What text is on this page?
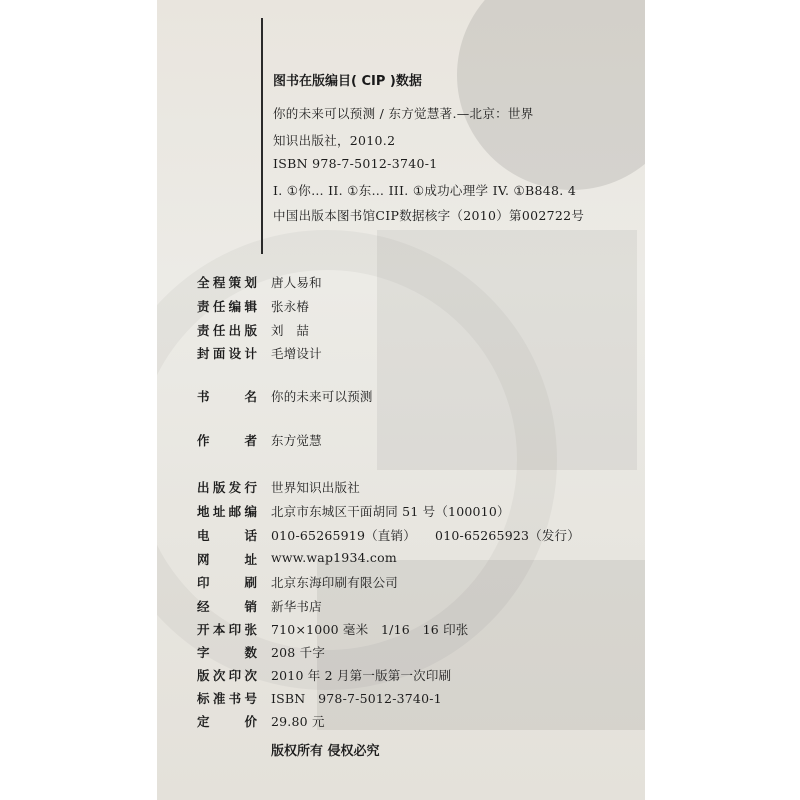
图书在版编目( CIP )数据
你的未来可以预测 / 东方觉慧著.—北京：世界
知识出版社，2010.2
ISBN 978-7-5012-3740-1
I. ①你… II. ①东… III. ①成功心理学 IV. ①B848. 4
中国出版本图书馆CIP数据核字（2010）第002722号
全程策划 唐人易和
责任编辑 张永椿
责任出版 刘　喆
封面设计 毛增设计
书名 你的未来可以预测
作者 东方觉慧
出版发行 世界知识出版社
地址邮编 北京市东城区干面胡同 51 号（100010）
电话 010-65265919（直销）　　010-65265923（发行）
网址 www.wap1934.com
印刷 北京东海印刷有限公司
经销 新华书店
开本印张 710×1000 毫米　1/16　16 印张
字数 208 千字
版次印次 2010 年 2 月第一版第一次印刷
标准书号 ISBN　978-7-5012-3740-1
定价 29.80 元
版权所有 侵权必究
